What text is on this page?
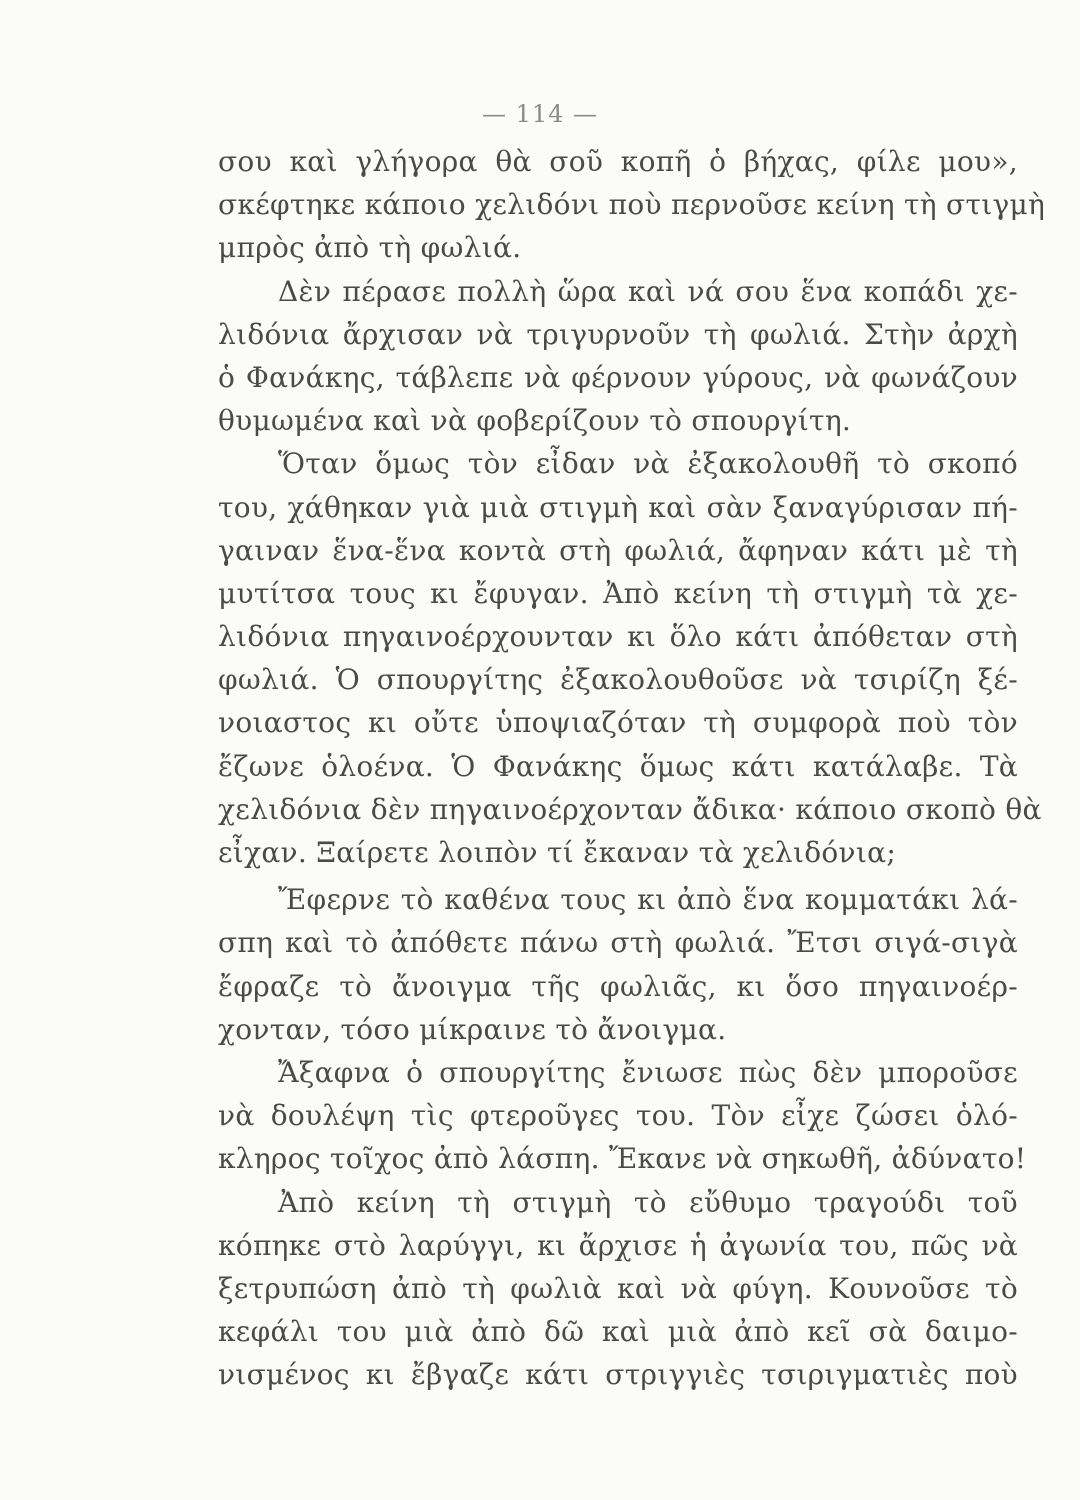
— 114 —
σου καὶ γλήγορα θὰ σοῦ κοπῆ ὁ βήχας, φίλε μου»,
σκέφτηκε κάποιο χελιδόνι ποὺ περνοῦσε κείνη τὴ στιγμὴ
μπρὸς ἀπὸ τὴ φωλιά.
Δὲν πέρασε πολλὴ ὥρα καὶ νά σου ἕνα κοπάδι χε-
λιδόνια ἄρχισαν νὰ τριγυρνοῦν τὴ φωλιά. Στὴν ἀρχὴ
ὁ Φανάκης, τάβλεπε νὰ φέρνουν γύρους, νὰ φωνάζουν
θυμωμένα καὶ νὰ φοβερίζουν τὸ σπουργίτη.
Ὅταν ὅμως τὸν εἶδαν νὰ ἐξακολουθῆ τὸ σκοπό
του, χάθηκαν γιὰ μιὰ στιγμὴ καὶ σὰν ξαναγύρισαν πή-
γαιναν ἕνα-ἕνα κοντὰ στὴ φωλιά, ἄφηναν κάτι μὲ τὴ
μυτίτσα τους κι ἔφυγαν. Ἀπὸ κείνη τὴ στιγμὴ τὰ χε-
λιδόνια πηγαινοέρχουνταν κι ὅλο κάτι ἀπόθεταν στὴ
φωλιά. Ὁ σπουργίτης ἐξακολουθοῦσε νὰ τσιρίζη ξέ-
νοιαστος κι οὔτε ὑποψιαζόταν τὴ συμφορὰ ποὺ τὸν
ἔζωνε ὁλοένα. Ὁ Φανάκης ὅμως κάτι κατάλαβε. Τὰ
χελιδόνια δὲν πηγαινοέρχονταν ἄδικα· κάποιο σκοπὸ θὰ
εἶχαν. Ξαίρετε λοιπὸν τί ἔκαναν τὰ χελιδόνια;
Ἔφερνε τὸ καθένα τους κι ἀπὸ ἕνα κομματάκι λά-
σπη καὶ τὸ ἀπόθετε πάνω στὴ φωλιά. Ἔτσι σιγά-σιγὰ
ἔφραζε τὸ ἄνοιγμα τῆς φωλιᾶς, κι ὅσο πηγαινοέρ-
χονταν, τόσο μίκραινε τὸ ἄνοιγμα.
Ἄξαφνα ὁ σπουργίτης ἔνιωσε πὼς δὲν μποροῦσε
νὰ δουλέψη τὶς φτεροῦγες του. Τὸν εἶχε ζώσει ὁλό-
κληρος τοῖχος ἀπὸ λάσπη. Ἔκανε νὰ σηκωθῆ, ἀδύνατο!
Ἀπὸ κείνη τὴ στιγμὴ τὸ εὔθυμο τραγούδι τοῦ
κόπηκε στὸ λαρύγγι, κι ἄρχισε ἡ ἀγωνία του, πῶς νὰ
ξετρυπώση ἀπὸ τὴ φωλιὰ καὶ νὰ φύγη. Κουνοῦσε τὸ
κεφάλι του μιὰ ἀπὸ δῶ καὶ μιὰ ἀπὸ κεῖ σὰ δαιμο-
νισμένος κι ἔβγαζε κάτι στριγγιὲς τσιριγματιὲς ποὺ
